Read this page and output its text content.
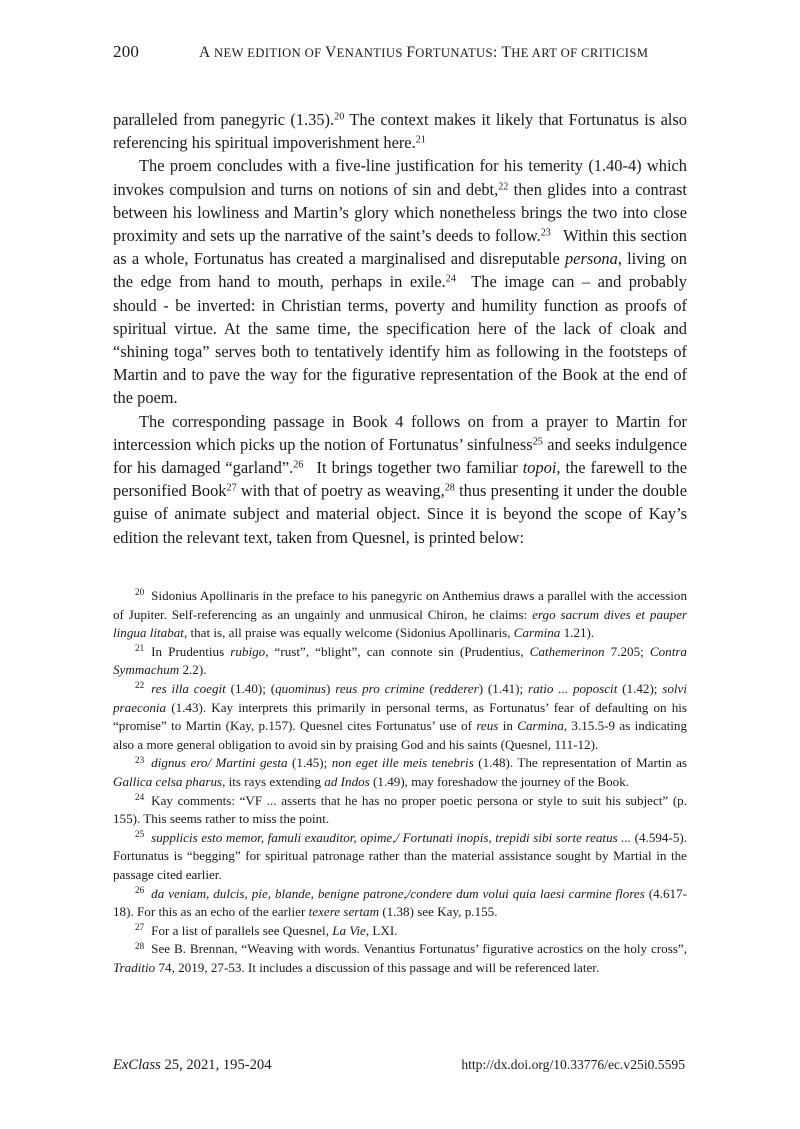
200	A NEW EDITION OF VENANTIUS FORTUNATUS: THE ART OF CRITICISM

paralleled from panegyric (1.35).$^{20}$ The context makes it likely that Fortunatus is also referencing his spiritual impoverishment here.$^{21}$

The proem concludes with a five-line justification for his temerity (1.40-4) which invokes compulsion and turns on notions of sin and debt,$^{22}$ then glides into a contrast between his lowliness and Martin’s glory which nonetheless brings the two into close proximity and sets up the narrative of the saint’s deeds to follow.$^{23}$  Within this section as a whole, Fortunatus has created a marginalised and disreputable persona, living on the edge from hand to mouth, perhaps in exile.$^{24}$  The image can – and probably should - be inverted: in Christian terms, poverty and humility function as proofs of spiritual virtue. At the same time, the specification here of the lack of cloak and “shining toga” serves both to tentatively identify him as following in the footsteps of Martin and to pave the way for the figurative representation of the Book at the end of the poem.

The corresponding passage in Book 4 follows on from a prayer to Martin for intercession which picks up the notion of Fortunatus’ sinfulness$^{25}$ and seeks indulgence for his damaged “garland”.$^{26}$  It brings together two familiar topoi, the farewell to the personified Book$^{27}$ with that of poetry as weaving,$^{28}$ thus presenting it under the double guise of animate subject and material object. Since it is beyond the scope of Kay’s edition the relevant text, taken from Quesnel, is printed below:

$^{20}$ Sidonius Apollinaris in the preface to his panegyric on Anthemius draws a parallel with the accession of Jupiter. Self-referencing as an ungainly and unmusical Chiron, he claims: ergo sacrum dives et pauper lingua litabat, that is, all praise was equally welcome (Sidonius Apollinaris, Carmina 1.21).

$^{21}$ In Prudentius rubigo, “rust”, “blight”, can connote sin (Prudentius, Cathemerinon 7.205; Contra Symmachum 2.2).

$^{22}$ res illa coegit (1.40); (quominus) reus pro crimine (redderer) (1.41); ratio ... poposcit (1.42); solvi praeconia (1.43). Kay interprets this primarily in personal terms, as Fortunatus’ fear of defaulting on his “promise” to Martin (Kay, p.157). Quesnel cites Fortunatus’ use of reus in Carmina, 3.15.5-9 as indicating also a more general obligation to avoid sin by praising God and his saints (Quesnel, 111-12).

$^{23}$ dignus ero/ Martini gesta (1.45); non eget ille meis tenebris (1.48). The representation of Martin as Gallica celsa pharus, its rays extending ad Indos (1.49), may foreshadow the journey of the Book.

$^{24}$ Kay comments: “VF ... asserts that he has no proper poetic persona or style to suit his subject” (p. 155). This seems rather to miss the point.

$^{25}$ supplicis esto memor, famuli exauditor, opime,/ Fortunati inopis, trepidi sibi sorte reatus ... (4.594-5). Fortunatus is “begging” for spiritual patronage rather than the material assistance sought by Martial in the passage cited earlier.

$^{26}$ da veniam, dulcis, pie, blande, benigne patrone,/condere dum volui quia laesi carmine flores (4.617-18). For this as an echo of the earlier texere sertam (1.38) see Kay, p.155.

$^{27}$ For a list of parallels see Quesnel, La Vie, LXI.

$^{28}$ See B. Brennan, “Weaving with words. Venantius Fortunatus’ figurative acrostics on the holy cross”, Traditio 74, 2019, 27-53. It includes a discussion of this passage and will be referenced later.

ExClass 25, 2021, 195-204	http://dx.doi.org/10.33776/ec.v25i0.5595
